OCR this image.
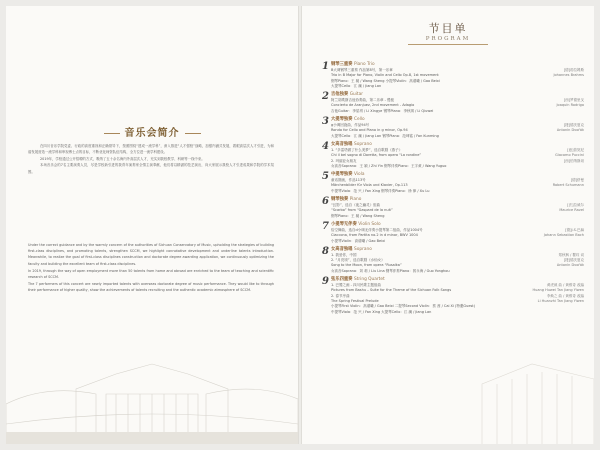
音乐会简介

在四川音乐学院党委、行政的高度重视和正确领导下，按照围绕“建成一流学科”，深入推进“人才强校”战略，加强内涵式发展，着眼高层次人才引进，为和谐发展营造一流学科和审视博士点的目标，不断优化师资队伍结构，全方位进一流学科建设。

2019年，学校通过公开招聘的方式，吸纳了五十余名海内外高层次人才，充实到我校教学、科研等一线中来。

本场音乐会的7名主要演奏人员，尽是学校新引进的我青年演奏家全情主演奉献，他们将以精湛的技艺演出，向大家展示我校人才引进成果和学院的学术氛围。

Under the correct guidance and by the warmly concern of the authorities of Sichuan Conservatory of Music, upholding the strategies of building first-class disciplines, and promoting talents, strengthen SCCM, we highlight connotative development and underline talents introduction. Meanwhile, to realize the goal of first-class disciplines construction and doctorate degree awarding application, we continuously optimizing the faculty and building the excellent team of first-class disciplines.

In 2019, through the way of open employment more than 50 talents from home and abroad are enriched to the team of teaching and scientific research of SCCM.

The 7 performers of this concert are newly imported talents with overseas doctorate degree of music performance. They would like to through their performance of higher quality, show the achievements of talents recruiting and the authentic academic atmosphere of SCCM.

节目单
PROGRAM
1 钢琴三重奏 Piano Trio
B大调钢琴三重奏 作品第8号，第一乐章	[德]勃拉姆斯
Trio in B Major for Piano, Violin and Cello Op.8, 1st movement	Johannes Brahms
钢琴Piano：王 凝 / Wang Sheng 小提琴Violin：高谱曦 / Gao Beixi
大提琴Cello：江 澜 / Jiang Lan
2 吉他独奏 Guitar
阿兰胡埃斯吉他协奏曲，第二乐章 - 慢板	[西]罗德里戈
Concierto de Aranjuez, 2nd movement - Adagio	Joaquín Rodrigo
吉他Guitar：李星玥 / Li Xingye 钢琴Piano：李秋琪 / Li Qiuwei
3 大提琴独奏 Cello
g小调回旋曲，作品94号	[捷]德沃夏克
Rondo for Cello and Piano in g minor, Op.94	Antonín Dvořák
大提琴Cello：江 澜 / Jiang Lan 钢琴Piano：范坤铭 / Fan Kunming
4 女高音独唱 Soprano
1. “多雷塔做了什么美梦”，选自歌剧《燕子》	[意]普契尼
Chi il bel sogno di Doretta, from opera “La rondine”	Giacomo Puccini
2. 玛丽亚女朋友	[西]伯纳斯坦
女高音Soprano：王 颖 / Zhi Yin 钢琴伴奏Piano：王宇黄 / Wang Yuguo
5 中提琴独奏 Viola
童话图画，作品113号	[德]舒曼
Märchenbilder für Viola und Klavier, Op.113	Robert Schumann
中提琴Viola：范 兴 / Fan Xing 钢琴伴奏Piano：徐 律 / Xu Lu
6 钢琴独奏 Piano
“幻影”，选自《夜之幽灵》组曲	[法]拉威尔
“Scarbo” from “Gaspard de la nuit”	Maurice Ravel
钢琴Piano：王 凝 / Wang Sheng
7 小提琴无伴奏 Violin Solo
恰空舞曲，选自d小调无伴奏小提琴第二组曲，作品1004号	[德]J.S.巴赫
Ciaccona, from Partita no.2 in d minor, BWV 1004	Johann Sebastian Bach
小提琴Violin：高谱曦 / Gao Beixi
8 女高音独唱 Soprano
1. 我爱你，中国	郑秋枫 / 瞿琮 词
2. “月亮颂”，选自歌剧《水仙女》	[捷]德沃夏克
Song to the Moon, from opera “Rusalka”	Antonín Dvořák
女高音Soprano：刘 莉 / Liu Lina 钢琴伴奏Piano：郭永海 / Guo Yonghou
9 弦乐四重奏 String Quartet
1. 巴蜀之画 - 四川民歌主题组曲	黄虎威 曲 / 黄维奇 改编
Pictures from Bashu – Suite for the Theme of the Sichuan Folk Songs	Huang Huwei Tan Jiang Yiwen
2. 春节序曲	李焕之 曲 / 黄维奇 改编
The Spring Festival Prelude	Li Huanzhi Tan Jiang Yiwen
小提琴First Violin：高谱曦 / Gao Beixi 二提琴Second Violin：蔡 茜 / Cai Xi (特邀Guest)
中提琴Viola：范 兴 / Fan Xing 大提琴Cello：江 澜 / Jiang Lan
